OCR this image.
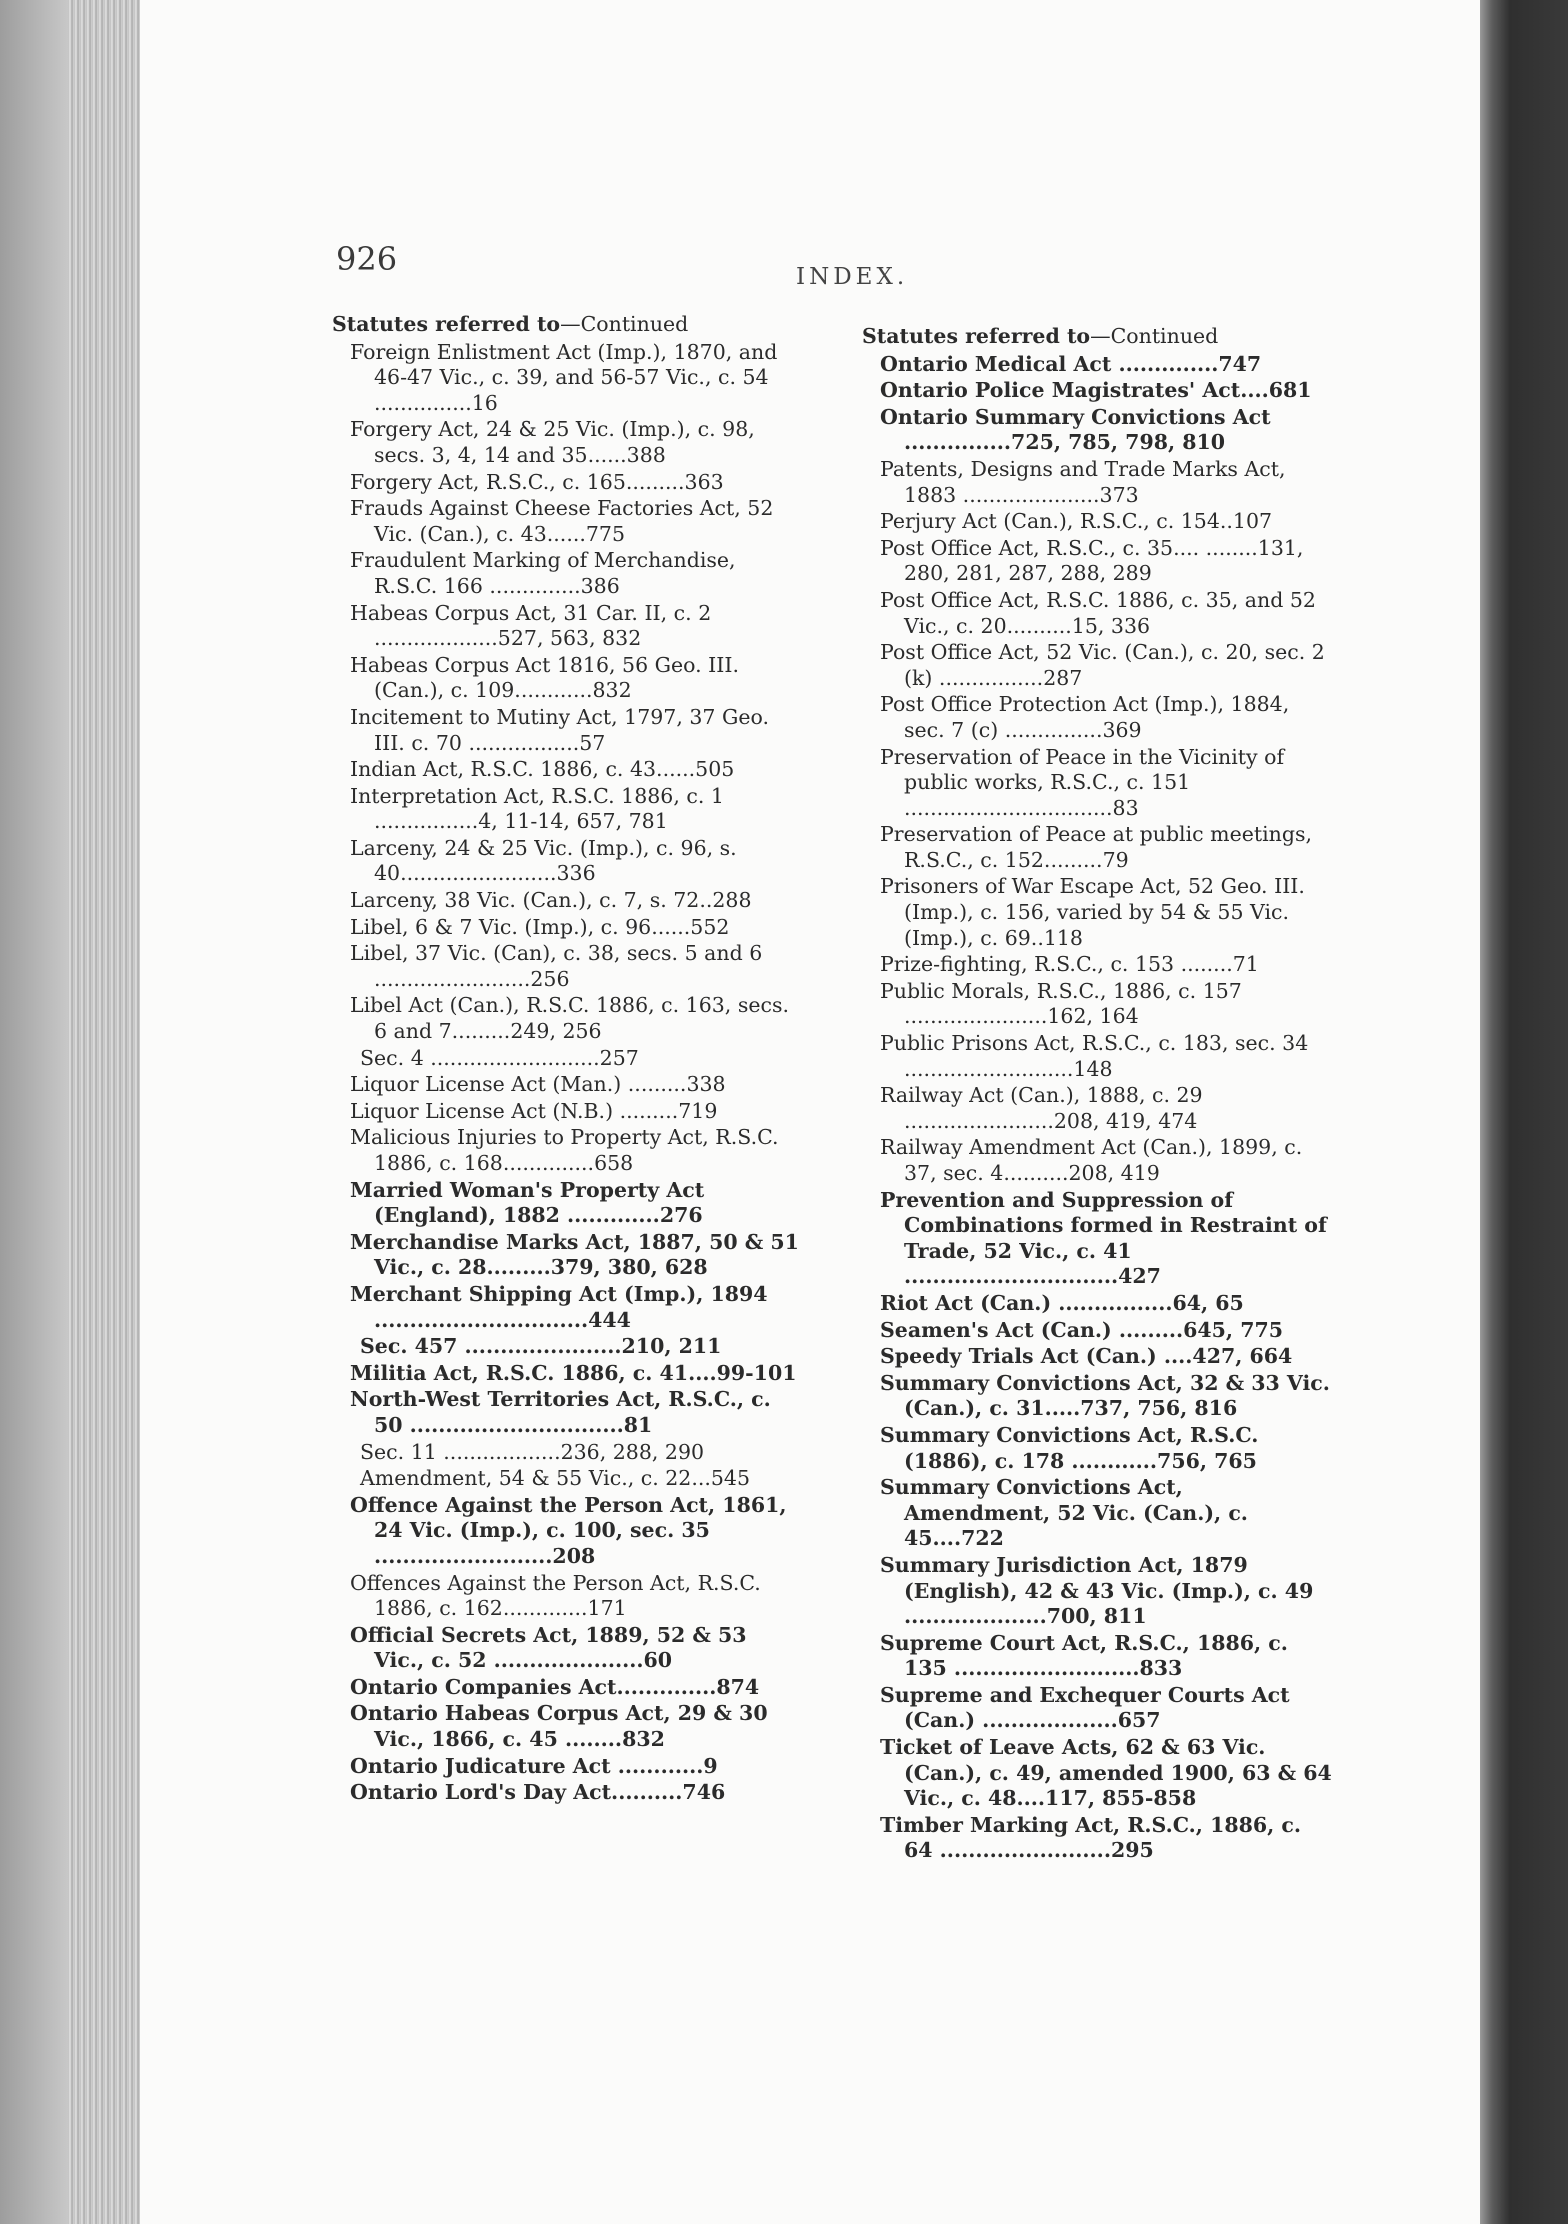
926	INDEX.
Statutes referred to—Continued
Foreign Enlistment Act (Imp.), 1870, and 46-47 Vic., c. 39, and 56-57 Vic., c. 54 ...............16
Forgery Act, 24 & 25 Vic. (Imp.), c. 98, secs. 3, 4, 14 and 35......388
Forgery Act, R.S.C., c. 165.........363
Frauds Against Cheese Factories Act, 52 Vic. (Can.), c. 43......775
Fraudulent Marking of Merchandise, R.S.C. 166 ..............386
Habeas Corpus Act, 31 Car. II, c. 2 ...................527, 563, 832
Habeas Corpus Act 1816, 56 Geo. III. (Can.), c. 109............832
Incitement to Mutiny Act, 1797, 37 Geo. III. c. 70 .................57
Indian Act, R.S.C. 1886, c. 43......505
Interpretation Act, R.S.C. 1886, c. 1 ................4, 11-14, 657, 781
Larceny, 24 & 25 Vic. (Imp.), c. 96, s. 40........................336
Larceny, 38 Vic. (Can.), c. 7, s. 72..288
Libel, 6 & 7 Vic. (Imp.), c. 96......552
Libel, 37 Vic. (Can), c. 38, secs. 5 and 6 ........................256
Libel Act (Can.), R.S.C. 1886, c. 163, secs. 6 and 7.........249, 256
Sec. 4 ..........................257
Liquor License Act (Man.) .........338
Liquor License Act (N.B.) .........719
Malicious Injuries to Property Act, R.S.C. 1886, c. 168..............658
Married Woman's Property Act (England), 1882 .............276
Merchandise Marks Act, 1887, 50 & 51 Vic., c. 28.........379, 380, 628
Merchant Shipping Act (Imp.), 1894 ..............................444
Sec. 457 ......................210, 211
Militia Act, R.S.C. 1886, c. 41....99-101
North-West Territories Act, R.S.C., c. 50 ..............................81
Sec. 11 ..................236, 288, 290
Amendment, 54 & 55 Vic., c. 22...545
Offence Against the Person Act, 1861, 24 Vic. (Imp.), c. 100, sec. 35 .........................208
Offences Against the Person Act, R.S.C. 1886, c. 162.............171
Official Secrets Act, 1889, 52 & 53 Vic., c. 52 .....................60
Ontario Companies Act..............874
Ontario Habeas Corpus Act, 29 & 30 Vic., 1866, c. 45 ........832
Ontario Judicature Act ............9
Ontario Lord's Day Act..........746
Statutes referred to—Continued
Ontario Medical Act ..............747
Ontario Police Magistrates' Act....681
Ontario Summary Convictions Act ...............725, 785, 798, 810
Patents, Designs and Trade Marks Act, 1883 .....................373
Perjury Act (Can.), R.S.C., c. 154..107
Post Office Act, R.S.C., c. 35.... ........131, 280, 281, 287, 288, 289
Post Office Act, R.S.C. 1886, c. 35, and 52 Vic., c. 20..........15, 336
Post Office Act, 52 Vic. (Can.), c. 20, sec. 2 (k) ................287
Post Office Protection Act (Imp.), 1884, sec. 7 (c) ...............369
Preservation of Peace in the Vicinity of public works, R.S.C., c. 151 ................................83
Preservation of Peace at public meetings, R.S.C., c. 152.........79
Prisoners of War Escape Act, 52 Geo. III. (Imp.), c. 156, varied by 54 & 55 Vic. (Imp.), c. 69..118
Prize-fighting, R.S.C., c. 153 ........71
Public Morals, R.S.C., 1886, c. 157 ......................162, 164
Public Prisons Act, R.S.C., c. 183, sec. 34 ..........................148
Railway Act (Can.), 1888, c. 29 .......................208, 419, 474
Railway Amendment Act (Can.), 1899, c. 37, sec. 4..........208, 419
Prevention and Suppression of Combinations formed in Restraint of Trade, 52 Vic., c. 41 ..............................427
Riot Act (Can.) ................64, 65
Seamen's Act (Can.) .........645, 775
Speedy Trials Act (Can.) ....427, 664
Summary Convictions Act, 32 & 33 Vic. (Can.), c. 31.....737, 756, 816
Summary Convictions Act, R.S.C. (1886), c. 178 ............756, 765
Summary Convictions Act, Amendment, 52 Vic. (Can.), c. 45....722
Summary Jurisdiction Act, 1879 (English), 42 & 43 Vic. (Imp.), c. 49 ....................700, 811
Supreme Court Act, R.S.C., 1886, c. 135 ..........................833
Supreme and Exchequer Courts Act (Can.) ...................657
Ticket of Leave Acts, 62 & 63 Vic. (Can.), c. 49, amended 1900, 63 & 64 Vic., c. 48....117, 855-858
Timber Marking Act, R.S.C., 1886, c. 64 ........................295
